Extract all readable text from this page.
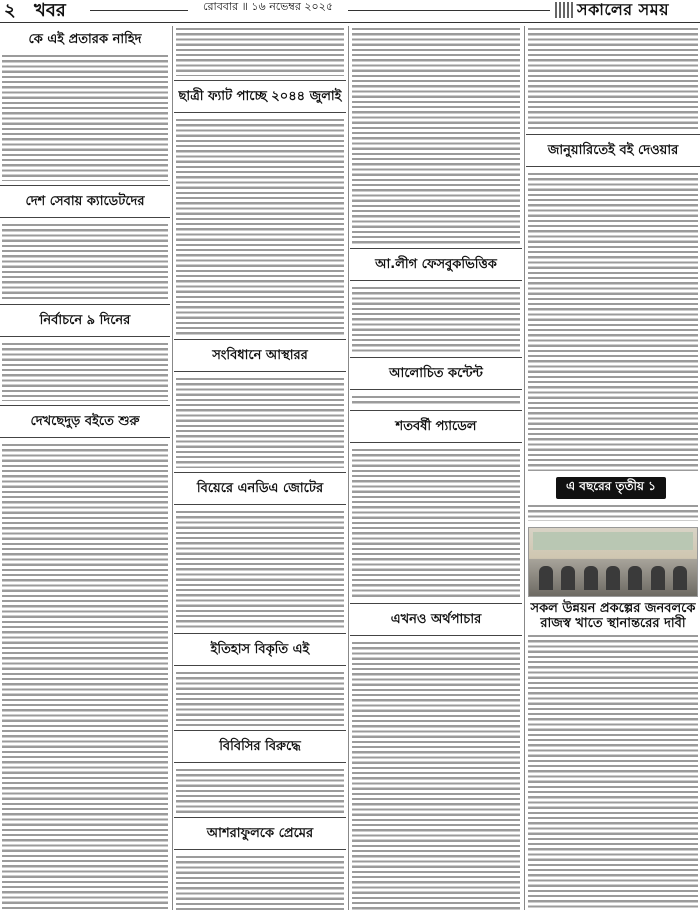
২	খবর	রোববার ॥ ১৬ নভেম্বর ২০২৫	সকালের সময়
কে এই প্রতারক নাহিদ
দেশ সেবায় ক্যাডেটদের
নির্বাচনে ৯ দিনের
দেখছেদুড় বইতে শুরু
ছাত্রী ফ্যাট পাচ্ছে ২০৪৪ জুলাই
সংবিধানে আস্থারর
বিয়েরে এনডিএ জোটের
ইতিহাস বিকৃতি এই
বিবিসির বিরুদ্ধে
আশরাফুলকে প্রেমের
আ.লীগ ফেসবুকভিত্তিক
আলোচিত কন্টেন্ট
শতবর্ষী প্যাডেল
এখনও অর্থপাচার
জানুয়ারিতেই বই দেওয়ার
এ বছরের তৃতীয় ১
সকল উন্নয়ন প্রকল্পের জনবলকে রাজস্ব খাতে স্থানান্তরের দাবী
